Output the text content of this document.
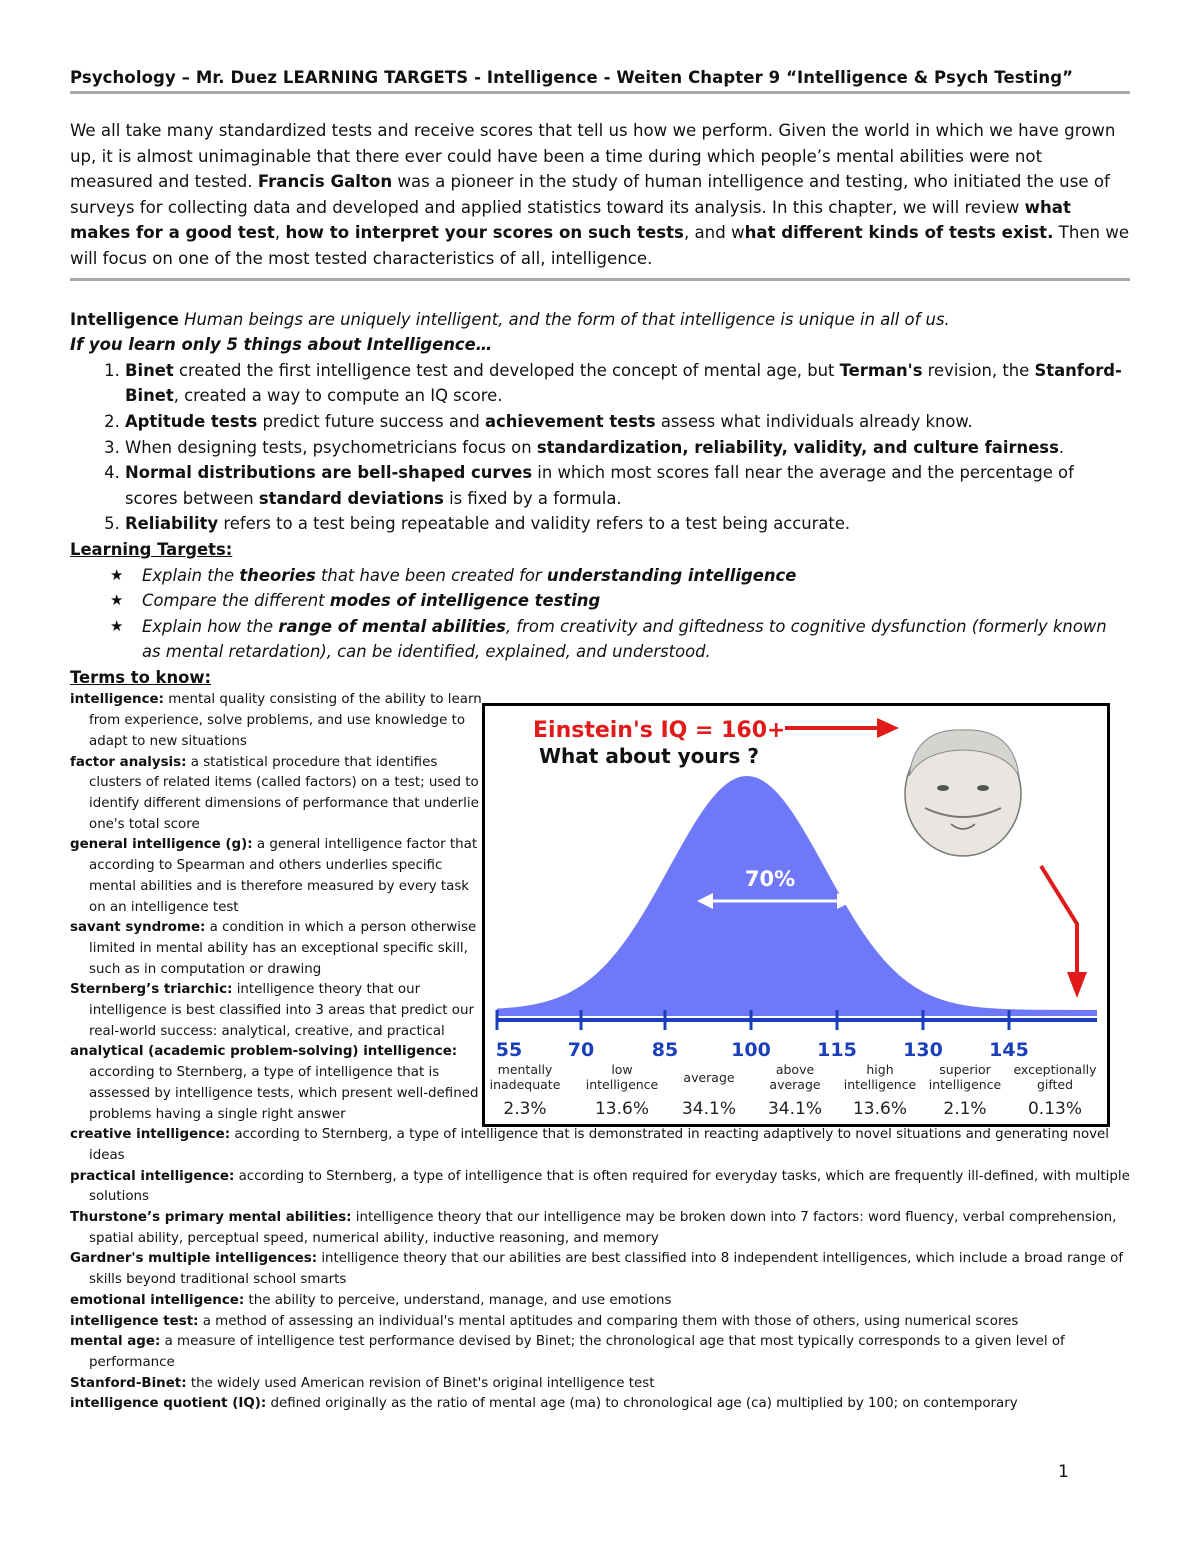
Psychology – Mr. Duez LEARNING TARGETS - Intelligence - Weiten Chapter 9 “Intelligence & Psych Testing”
We all take many standardized tests and receive scores that tell us how we perform. Given the world in which we have grown up, it is almost unimaginable that there ever could have been a time during which people’s mental abilities were not measured and tested. Francis Galton was a pioneer in the study of human intelligence and testing, who initiated the use of surveys for collecting data and developed and applied statistics toward its analysis. In this chapter, we will review what makes for a good test, how to interpret your scores on such tests, and what different kinds of tests exist. Then we will focus on one of the most tested characteristics of all, intelligence.
Intelligence Human beings are uniquely intelligent, and the form of that intelligence is unique in all of us.
If you learn only 5 things about Intelligence…
1. Binet created the first intelligence test and developed the concept of mental age, but Terman's revision, the Stanford-Binet, created a way to compute an IQ score.
2. Aptitude tests predict future success and achievement tests assess what individuals already know.
3. When designing tests, psychometricians focus on standardization, reliability, validity, and culture fairness.
4. Normal distributions are bell-shaped curves in which most scores fall near the average and the percentage of scores between standard deviations is fixed by a formula.
5. Reliability refers to a test being repeatable and validity refers to a test being accurate.
Learning Targets:
★ Explain the theories that have been created for understanding intelligence
★ Compare the different modes of intelligence testing
★ Explain how the range of mental abilities, from creativity and giftedness to cognitive dysfunction (formerly known as mental retardation), can be identified, explained, and understood.
Terms to know:
intelligence: mental quality consisting of the ability to learn from experience, solve problems, and use knowledge to adapt to new situations
factor analysis: a statistical procedure that identifies clusters of related items (called factors) on a test; used to identify different dimensions of performance that underlie one's total score
general intelligence (g): a general intelligence factor that according to Spearman and others underlies specific mental abilities and is therefore measured by every task on an intelligence test
savant syndrome: a condition in which a person otherwise limited in mental ability has an exceptional specific skill, such as in computation or drawing
Sternberg’s triarchic: intelligence theory that our intelligence is best classified into 3 areas that predict our real-world success: analytical, creative, and practical
analytical (academic problem-solving) intelligence: according to Sternberg, a type of intelligence that is assessed by intelligence tests, which present well-defined problems having a single right answer
creative intelligence: according to Sternberg, a type of intelligence that is demonstrated in reacting adaptively to novel situations and generating novel ideas
practical intelligence: according to Sternberg, a type of intelligence that is often required for everyday tasks, which are frequently ill-defined, with multiple solutions
Thurstone’s primary mental abilities: intelligence theory that our intelligence may be broken down into 7 factors: word fluency, verbal comprehension, spatial ability, perceptual speed, numerical ability, inductive reasoning, and memory
Gardner's multiple intelligences: intelligence theory that our abilities are best classified into 8 independent intelligences, which include a broad range of skills beyond traditional school smarts
emotional intelligence: the ability to perceive, understand, manage, and use emotions
intelligence test: a method of assessing an individual's mental aptitudes and comparing them with those of others, using numerical scores
mental age: a measure of intelligence test performance devised by Binet; the chronological age that most typically corresponds to a given level of performance
Stanford-Binet: the widely used American revision of Binet's original intelligence test
intelligence quotient (IQ): defined originally as the ratio of mental age (ma) to chronological age (ca) multiplied by 100; on contemporary
Einstein's IQ = 160+
What about yours ?
70%
55 70	85	100 115 130 145
mentally
inadequate
2.3%
low
intelligence
13.6%
average
34.1%
above
average
34.1%
high
intelligence
13.6%
superior
intelligence
2.1%
exceptionally
gifted
0.13%
1
